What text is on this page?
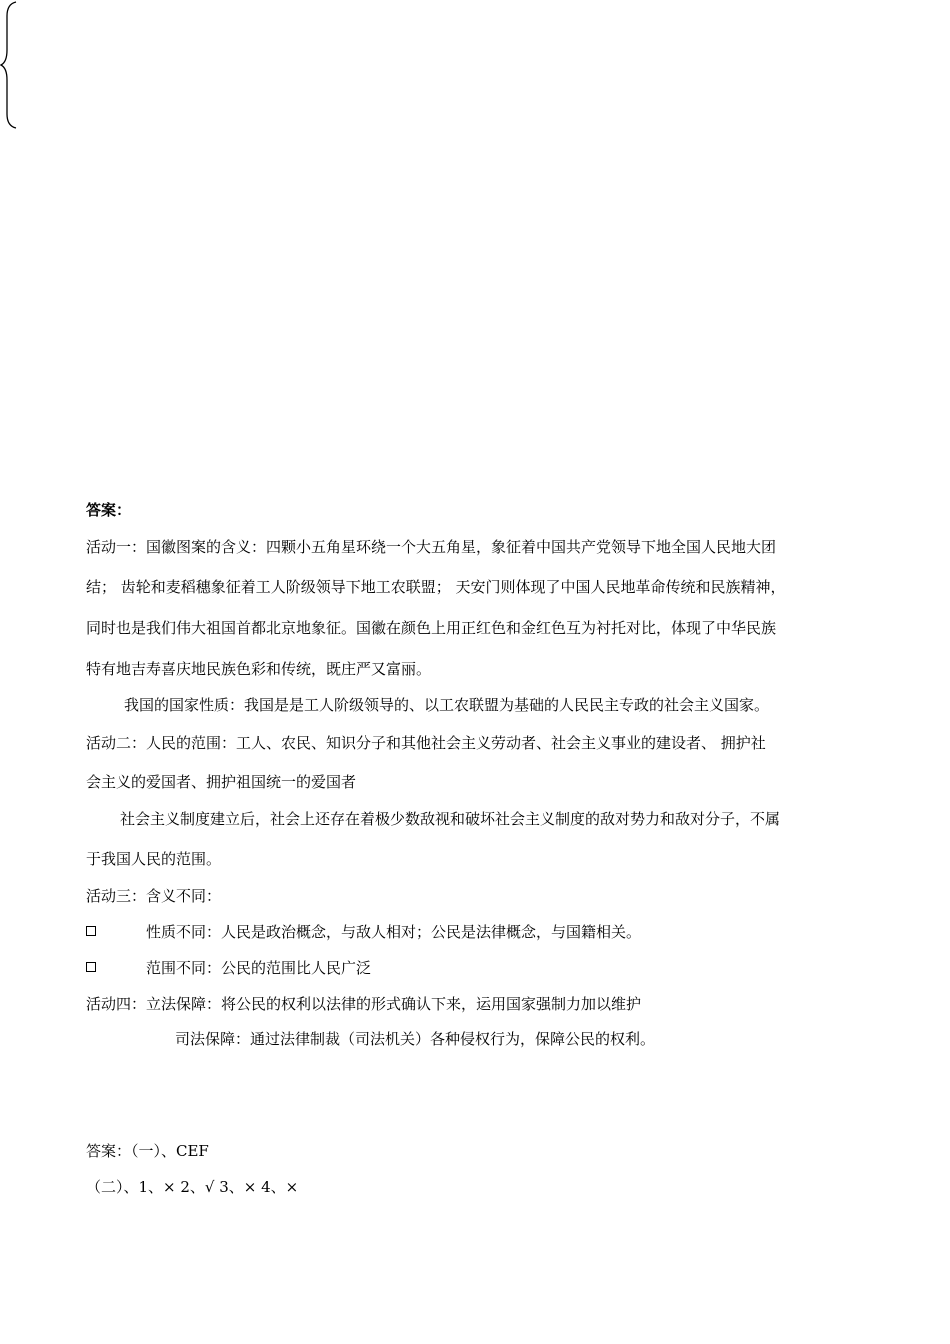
答案：
活动一：国徽图案的含义：四颗小五角星环绕一个大五角星，象征着中国共产党领导下地全国人民地大团
结； 齿轮和麦稻穗象征着工人阶级领导下地工农联盟； 天安门则体现了中国人民地革命传统和民族精神，
同时也是我们伟大祖国首都北京地象征。国徽在颜色上用正红色和金红色互为衬托对比，体现了中华民族
特有地吉寿喜庆地民族色彩和传统，既庄严又富丽。
我国的国家性质：我国是是工人阶级领导的、以工农联盟为基础的人民民主专政的社会主义国家。
活动二：人民的范围：工人、农民、知识分子和其他社会主义劳动者、社会主义事业的建设者、 拥护社
会主义的爱国者、拥护祖国统一的爱国者
社会主义制度建立后，社会上还存在着极少数敌视和破坏社会主义制度的敌对势力和敌对分子，不属
于我国人民的范围。
活动三：含义不同：
性质不同：人民是政治概念，与敌人相对；公民是法律概念，与国籍相关。
范围不同：公民的范围比人民广泛
活动四：立法保障：将公民的权利以法律的形式确认下来，运用国家强制力加以维护
司法保障：通过法律制裁（司法机关）各种侵权行为，保障公民的权利。
答案：（一）、CEF
（二）、1、× 2、√ 3、× 4、×
